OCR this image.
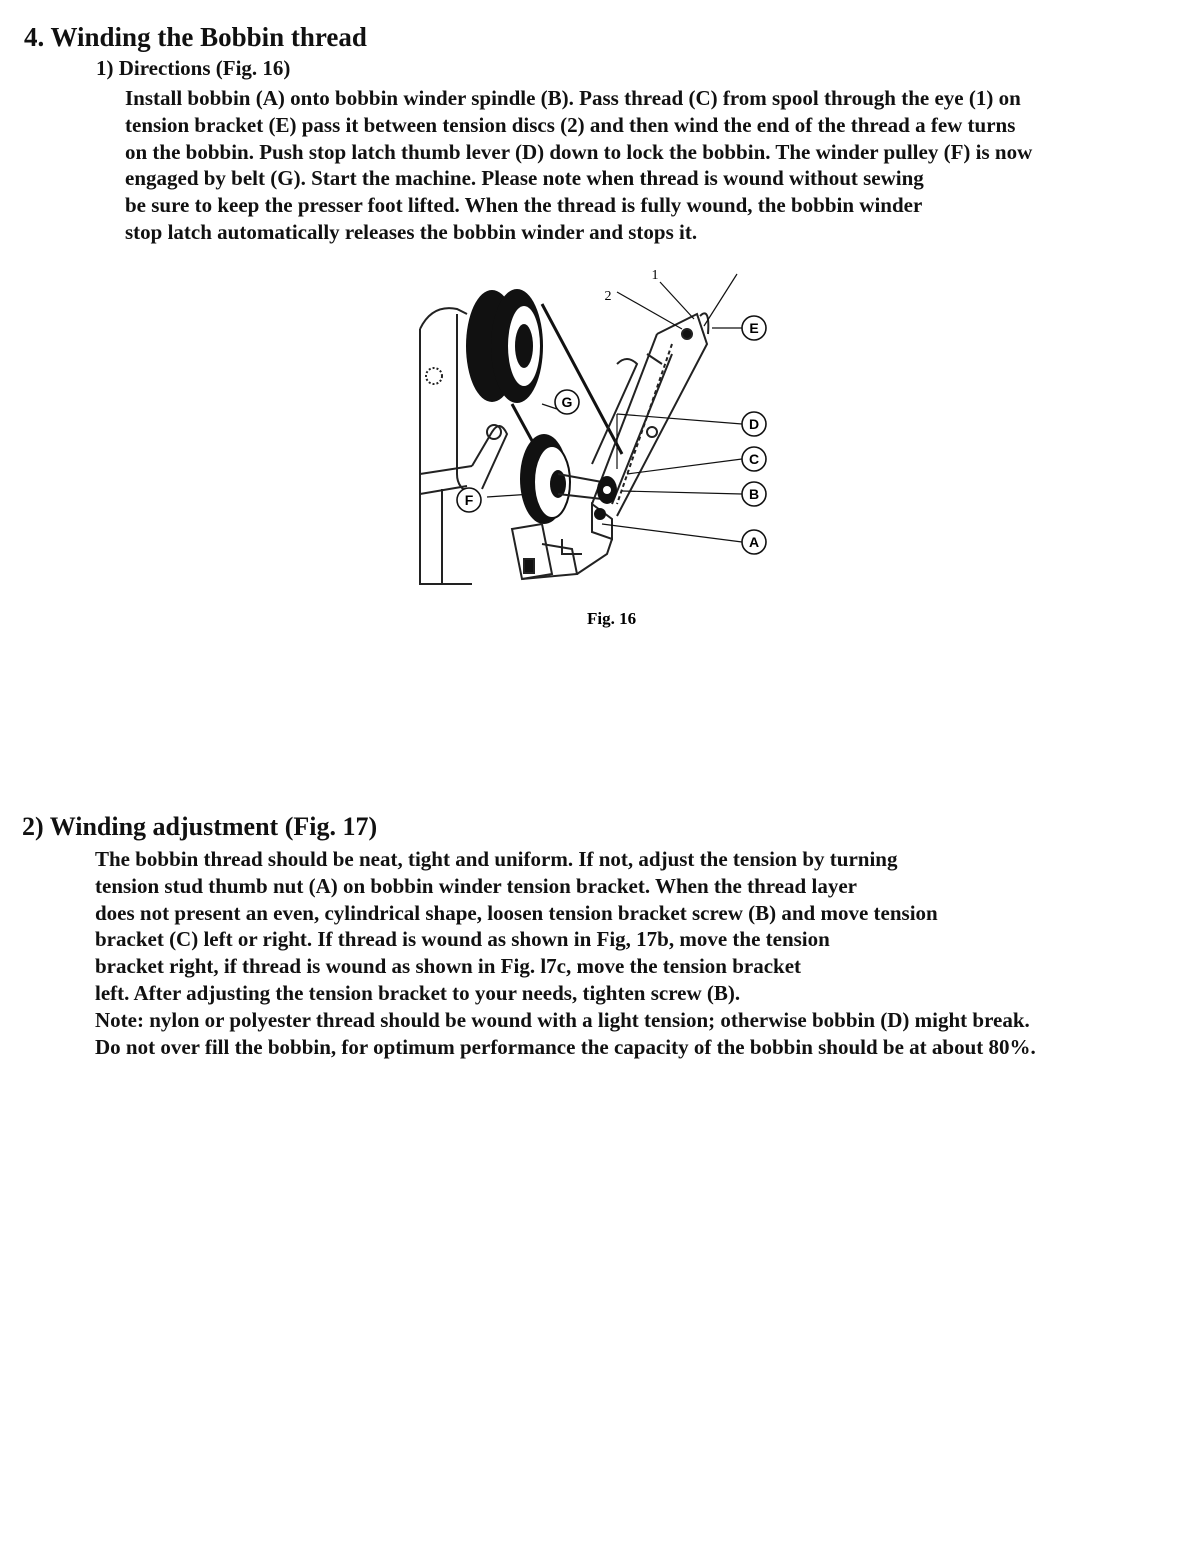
4. Winding the Bobbin thread
1) Directions (Fig. 16)
Install bobbin (A) onto bobbin winder spindle (B). Pass thread (C) from spool through the eye (1) on
tension bracket (E) pass it between tension discs (2) and then wind the end of the thread a few turns
on the bobbin. Push stop latch thumb lever (D) down to lock the bobbin. The winder pulley (F) is now
engaged by belt (G). Start the machine. Please note when thread is wound without sewing
be sure to keep the presser foot lifted. When the thread is fully wound, the bobbin winder
stop latch automatically releases the bobbin winder and stops it.
E
D
C
B
A
G
F
1
2
Fig. 16
2) Winding adjustment (Fig. 17)
The bobbin thread should be neat, tight and uniform. If not, adjust the tension by turning
tension stud thumb nut (A) on bobbin winder tension bracket. When the thread layer
does not present an even, cylindrical shape, loosen tension bracket screw (B) and move tension
bracket (C) left or right. If thread is wound as shown in Fig, 17b, move the tension
bracket right, if thread is wound as shown in Fig. l7c, move the tension bracket
left. After adjusting the tension bracket to your needs, tighten screw (B).
Note: nylon or polyester thread should be wound with a light tension; otherwise bobbin (D) might break.
Do not over fill the bobbin, for optimum performance the capacity of the bobbin should be at about 80%.
